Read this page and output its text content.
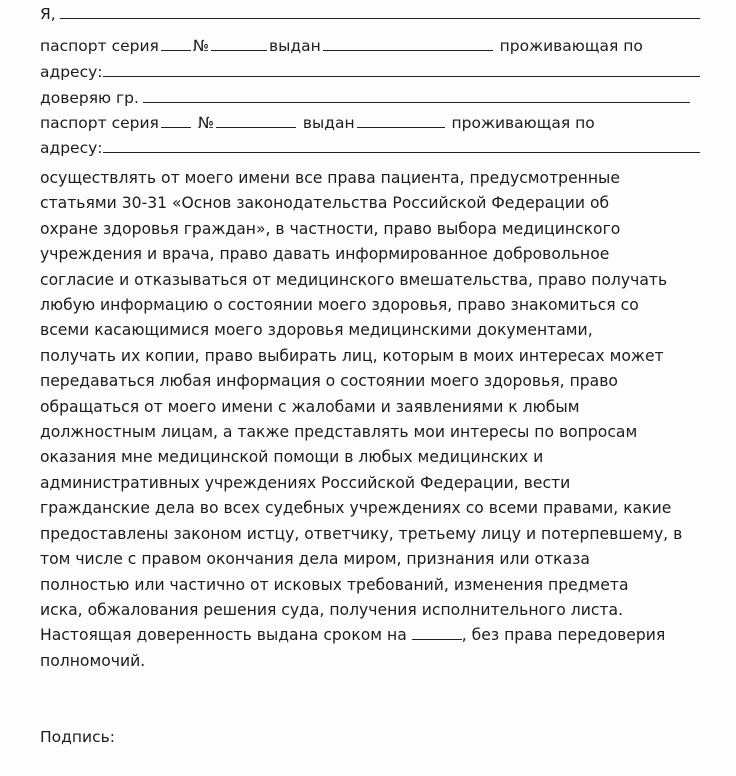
Я,
паспорт серия №	выдан	проживающая по
адресу:
доверяю гр.
паспорт серия	№	выдан	проживающая по
адресу:
осуществлять от моего имени все права пациента, предусмотренные
статьями 30-31 «Основ законодательства Российской Федерации об
охране здоровья граждан», в частности, право выбора медицинского
учреждения и врача, право давать информированное добровольное
согласие и отказываться от медицинского вмешательства, право получать
любую информацию о состоянии моего здоровья, право знакомиться со
всеми касающимися моего здоровья медицинскими документами,
получать их копии, право выбирать лиц, которым в моих интересах может
передаваться любая информация о состоянии моего здоровья, право
обращаться от моего имени с жалобами и заявлениями к любым
должностным лицам, а также представлять мои интересы по вопросам
оказания мне медицинской помощи в любых медицинских и
административных учреждениях Российской Федерации, вести
гражданские дела во всех судебных учреждениях со всеми правами, какие
предоставлены законом истцу, ответчику, третьему лицу и потерпевшему, в
том числе с правом окончания дела миром, признания или отказа
полностью или частично от исковых требований, изменения предмета
иска, обжалования решения суда, получения исполнительного листа.
Настоящая доверенность выдана сроком на	, без права передоверия
полномочий.
Подпись:
